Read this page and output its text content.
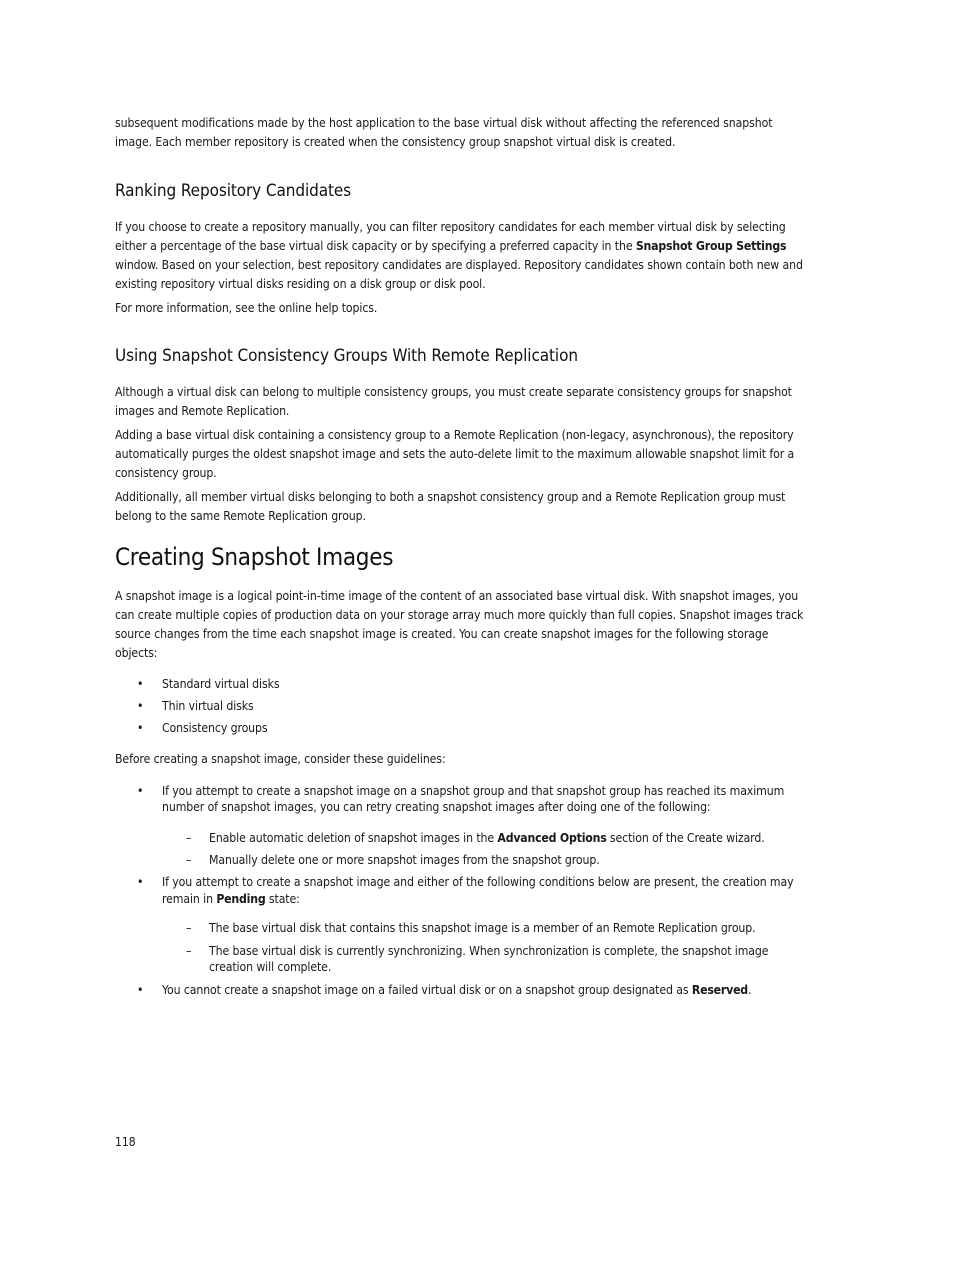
subsequent modifications made by the host application to the base virtual disk without affecting the referenced snapshot image. Each member repository is created when the consistency group snapshot virtual disk is created.

Ranking Repository Candidates

If you choose to create a repository manually, you can filter repository candidates for each member virtual disk by selecting either a percentage of the base virtual disk capacity or by specifying a preferred capacity in the Snapshot Group Settings window. Based on your selection, best repository candidates are displayed. Repository candidates shown contain both new and existing repository virtual disks residing on a disk group or disk pool.

For more information, see the online help topics.

Using Snapshot Consistency Groups With Remote Replication

Although a virtual disk can belong to multiple consistency groups, you must create separate consistency groups for snapshot images and Remote Replication.

Adding a base virtual disk containing a consistency group to a Remote Replication (non-legacy, asynchronous), the repository automatically purges the oldest snapshot image and sets the auto-delete limit to the maximum allowable snapshot limit for a consistency group.

Additionally, all member virtual disks belonging to both a snapshot consistency group and a Remote Replication group must belong to the same Remote Replication group.

Creating Snapshot Images

A snapshot image is a logical point-in-time image of the content of an associated base virtual disk. With snapshot images, you can create multiple copies of production data on your storage array much more quickly than full copies. Snapshot images track source changes from the time each snapshot image is created. You can create snapshot images for the following storage objects:

• Standard virtual disks
• Thin virtual disks
• Consistency groups

Before creating a snapshot image, consider these guidelines:

• If you attempt to create a snapshot image on a snapshot group and that snapshot group has reached its maximum number of snapshot images, you can retry creating snapshot images after doing one of the following:
– Enable automatic deletion of snapshot images in the Advanced Options section of the Create wizard.
– Manually delete one or more snapshot images from the snapshot group.
• If you attempt to create a snapshot image and either of the following conditions below are present, the creation may remain in Pending state:
– The base virtual disk that contains this snapshot image is a member of an Remote Replication group.
– The base virtual disk is currently synchronizing. When synchronization is complete, the snapshot image creation will complete.
• You cannot create a snapshot image on a failed virtual disk or on a snapshot group designated as Reserved.
118
